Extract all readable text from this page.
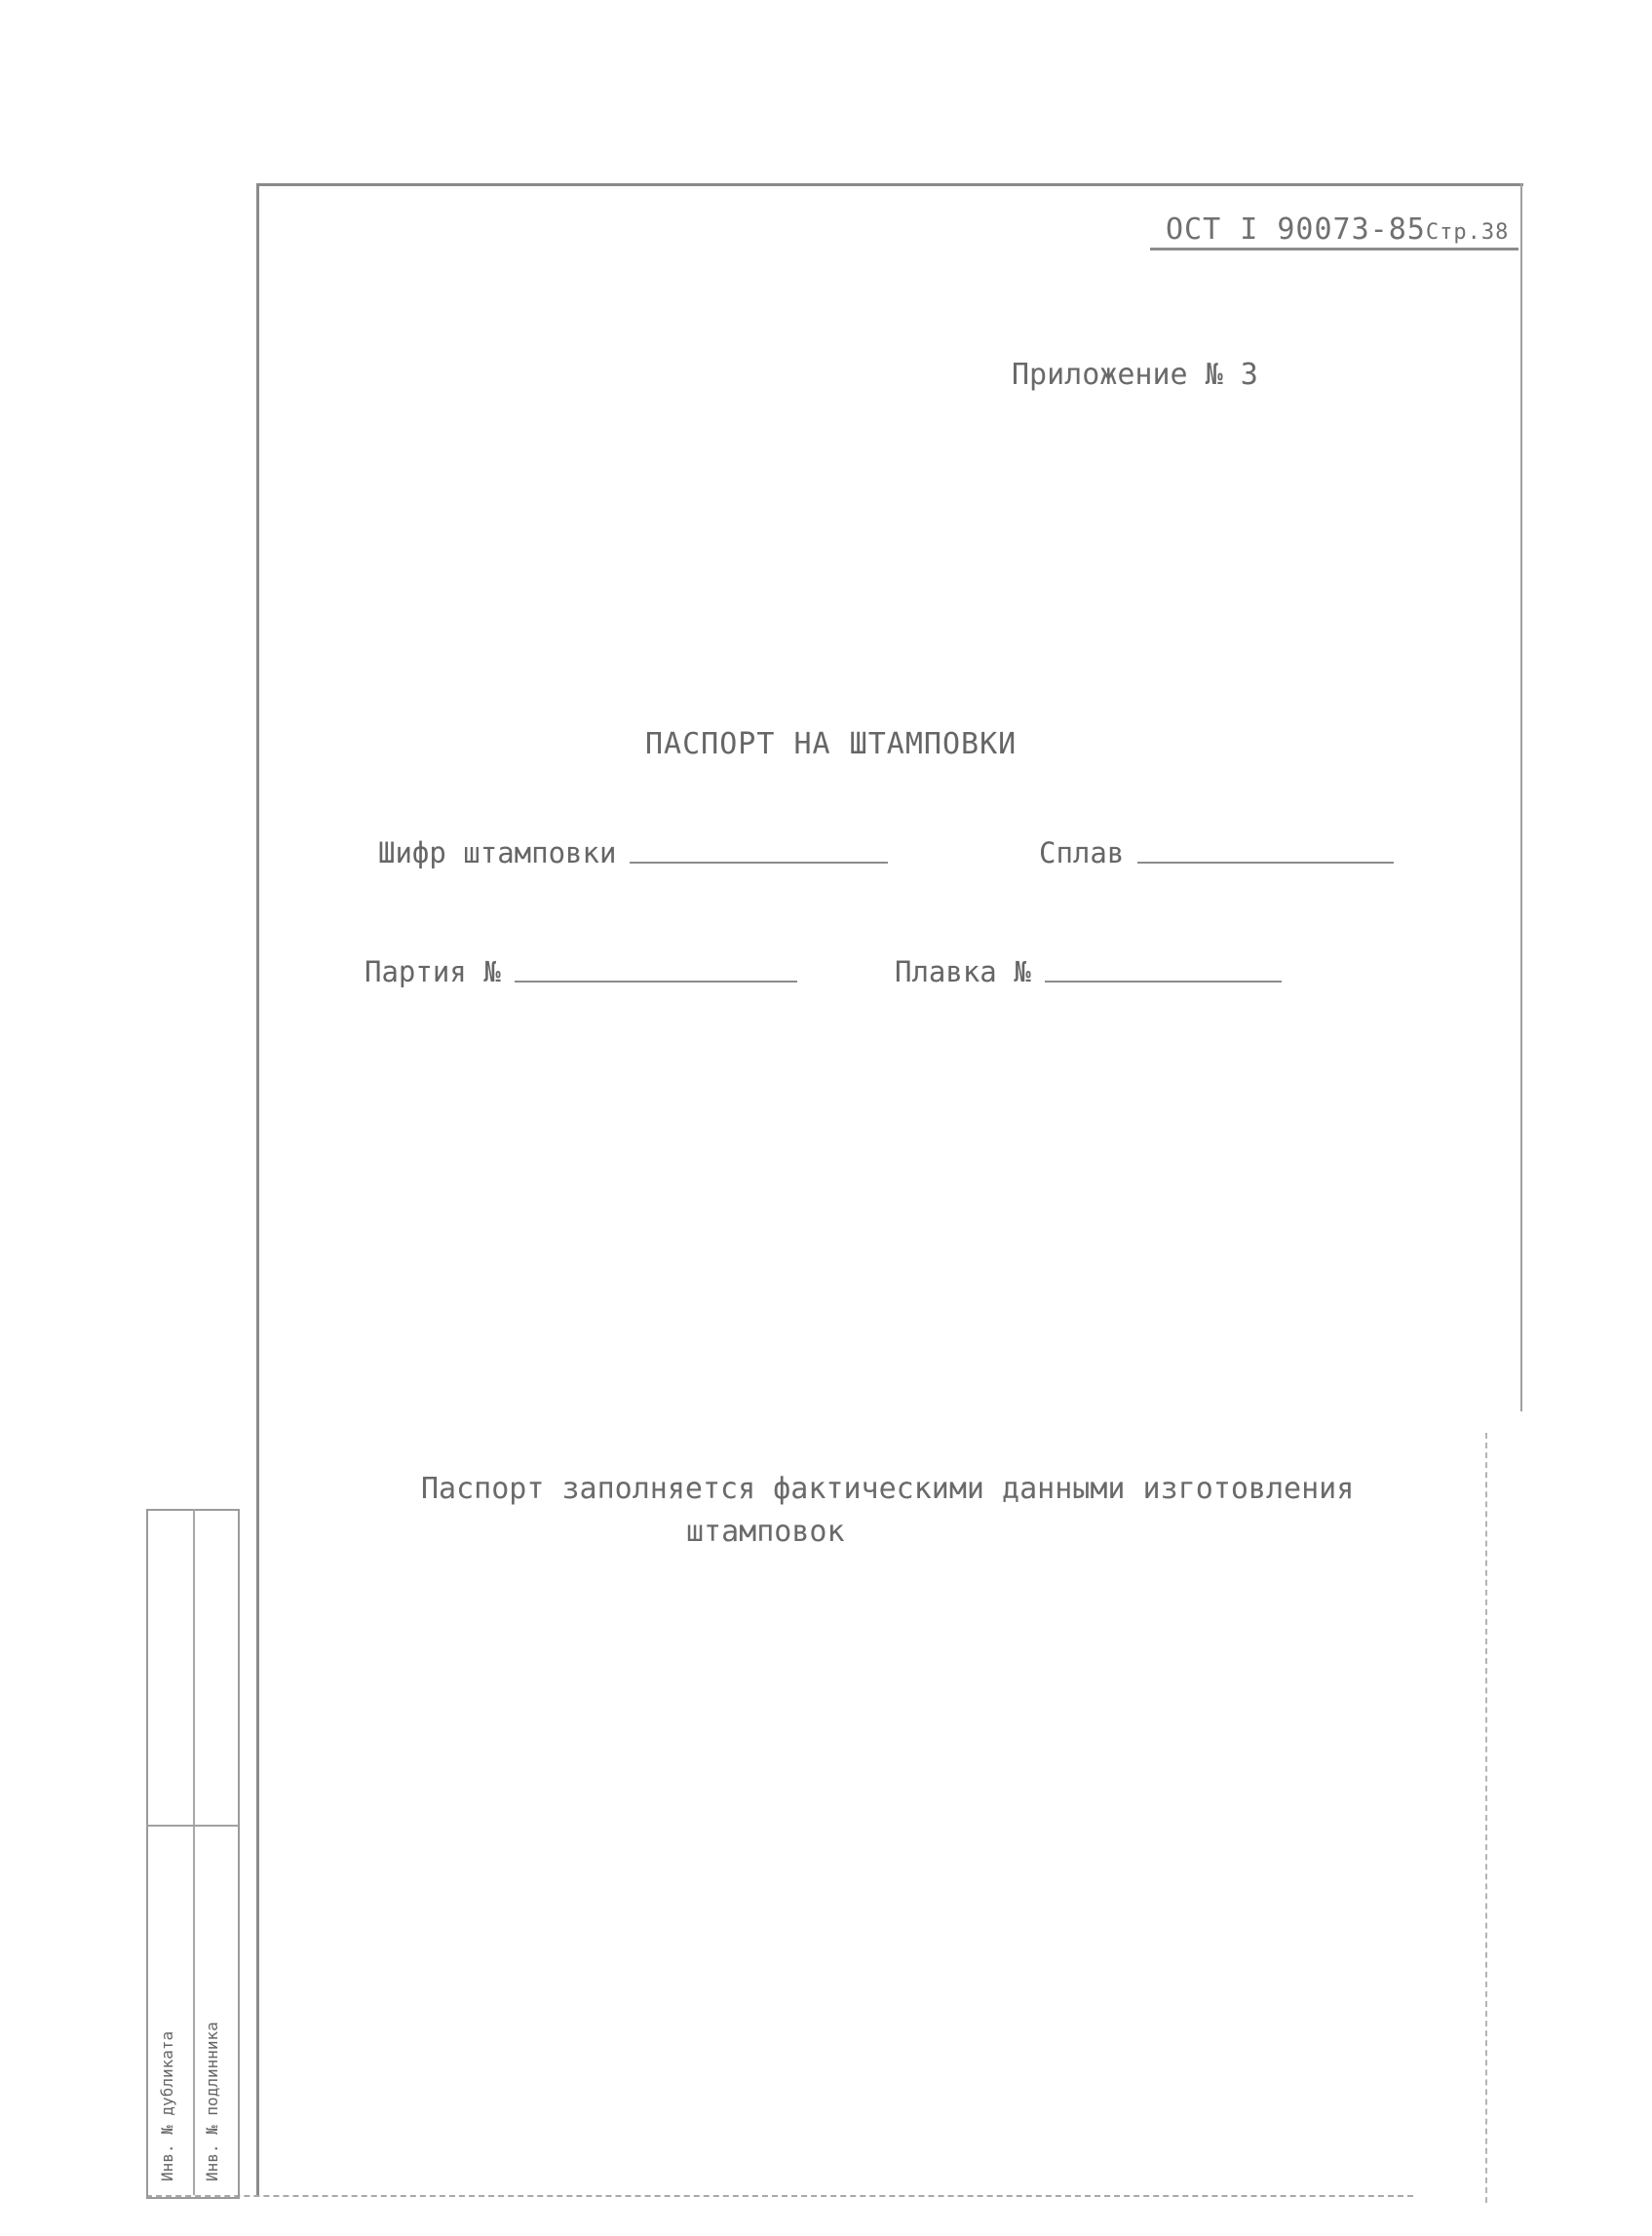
ОСТ I 90073-85Стр.38
Приложение № 3
ПАСПОРТ НА ШТАМПОВКИ
Шифр штамповки	Сплав
Партия №	Плавка №
Паспорт заполняется фактическими данными изготовления
штамповок
Инв. № дубликата Инв. № подлинника
